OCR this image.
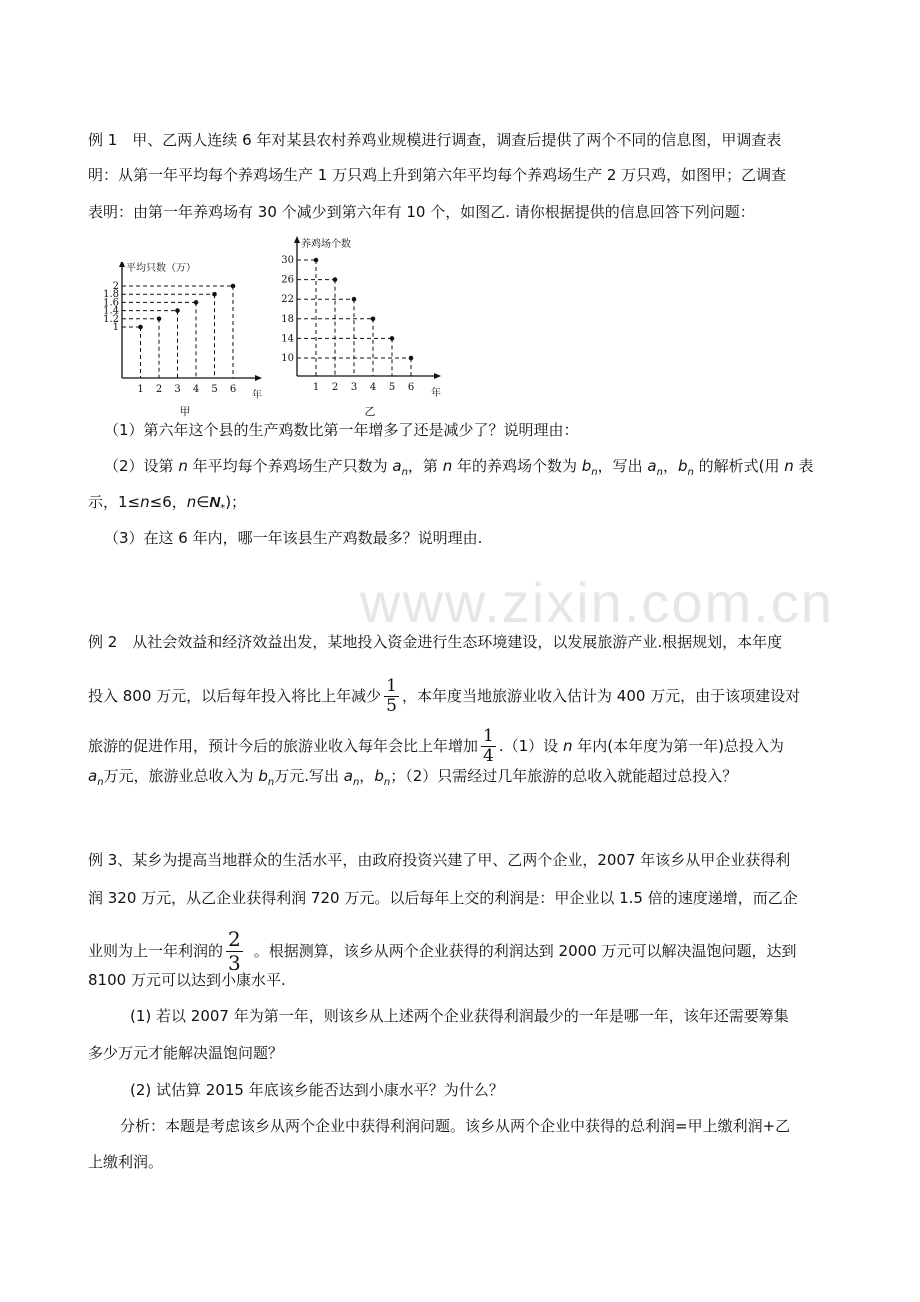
www.zixin.com.cn
例 1　甲、乙两人连续 6 年对某县农村养鸡业规模进行调查，调查后提供了两个不同的信息图，甲调查表
明：从第一年平均每个养鸡场生产 1 万只鸡上升到第六年平均每个养鸡场生产 2 万只鸡，如图甲；乙调查
表明：由第一年养鸡场有 30 个减少到第六年有 10 个，如图乙. 请你根据提供的信息回答下列问题：
平均只数（万）
年
1 2 3 4 5 6
1
1.2
1.4
1.6
1.8
2
甲
养鸡场个数
年
1 2 3 4 5 6
10
14
18
22
26
30
乙
（1）第六年这个县的生产鸡数比第一年增多了还是减少了？说明理由：
（2）设第 n 年平均每个养鸡场生产只数为 $a_n$，第 n 年的养鸡场个数为 $b_n$，写出 $a_n$，$b_n$ 的解析式(用 n 表
示，1≤n≤6，$n\in N_*$)；
（3）在这 6 年内，哪一年该县生产鸡数最多？说明理由.
例 2　从社会效益和经济效益出发，某地投入资金进行生态环境建设，以发展旅游产业.根据规划，本年度
投入 800 万元，以后每年投入将比上年减少 $\frac{1}{5}$ ，本年度当地旅游业收入估计为 400 万元，由于该项建设对
旅游的促进作用，预计今后的旅游业收入每年会比上年增加 $\frac{1}{4} .(1)$设 n 年内(本年度为第一年)总投入为
$a_n$万元，旅游业总收入为 $b_n$万元.写出 $a_n$，$b_n$；（2）只需经过几年旅游的总收入就能超过总投入？
例 3、某乡为提高当地群众的生活水平，由政府投资兴建了甲、乙两个企业，2007 年该乡从甲企业获得利
润 320 万元，从乙企业获得利润 720 万元。以后每年上交的利润是：甲企业以 1.5 倍的速度递增，而乙企
业则为上一年利润的 $\frac{2}{3}$ 。根据测算，该乡从两个企业获得的利润达到 2000 万元可以解决温饱问题，达到
8100 万元可以达到小康水平.
(1) 若以 2007 年为第一年，则该乡从上述两个企业获得利润最少的一年是哪一年，该年还需要筹集
多少万元才能解决温饱问题？
(2) 试估算 2015 年底该乡能否达到小康水平？为什么？
分析：本题是考虑该乡从两个企业中获得利润问题。该乡从两个企业中获得的总利润=甲上缴利润+乙
上缴利润。
